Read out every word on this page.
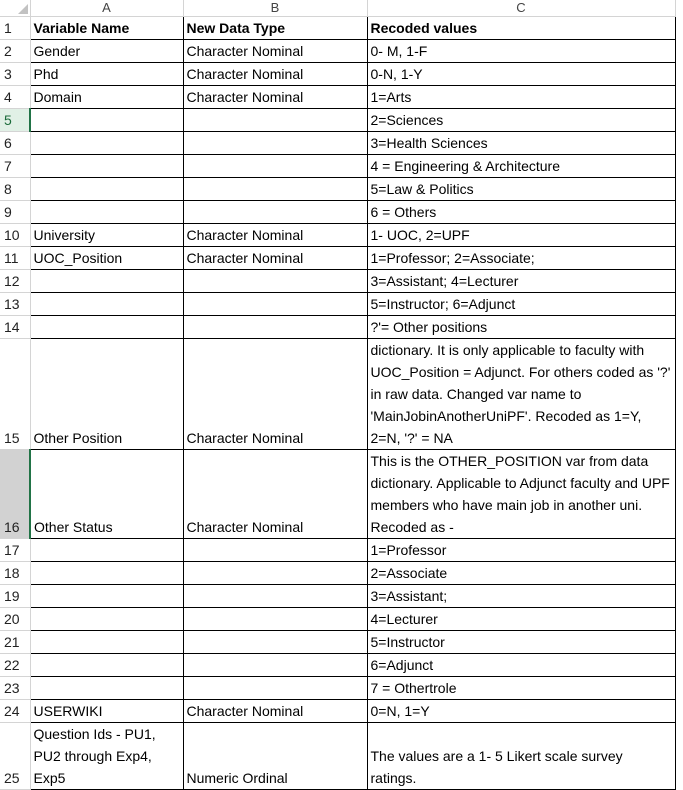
	A	B	C
1	Variable Name	New Data Type	Recoded values
2	Gender	Character Nominal	0- M, 1-F
3	Phd	Character Nominal	0-N, 1-Y
4	Domain	Character Nominal	1=Arts
5			2=Sciences
6			3=Health Sciences
7			4 = Engineering & Architecture
8			5=Law & Politics
9			6 = Others
10	University	Character Nominal	1- UOC, 2=UPF
11	UOC_Position	Character Nominal	1=Professor; 2=Associate;
12			3=Assistant; 4=Lecturer
13			5=Instructor; 6=Adjunct
14			?'= Other positions
15	Other Position	Character Nominal	dictionary. It is only applicable to faculty with UOC_Position = Adjunct. For others coded as '?' in raw data. Changed var name to 'MainJobinAnotherUniPF'. Recoded as 1=Y, 2=N, '?' = NA
16	Other Status	Character Nominal	This is the OTHER_POSITION var from data dictionary. Applicable to Adjunct faculty and UPF members who have main job in another uni. Recoded as -
17			1=Professor
18			2=Associate
19			3=Assistant;
20			4=Lecturer
21			5=Instructor
22			6=Adjunct
23			7 = Othertrole
24	USERWIKI	Character Nominal	0=N, 1=Y
25	Question Ids - PU1, PU2 through Exp4, Exp5	Numeric Ordinal	The values are a 1- 5 Likert scale survey ratings.
